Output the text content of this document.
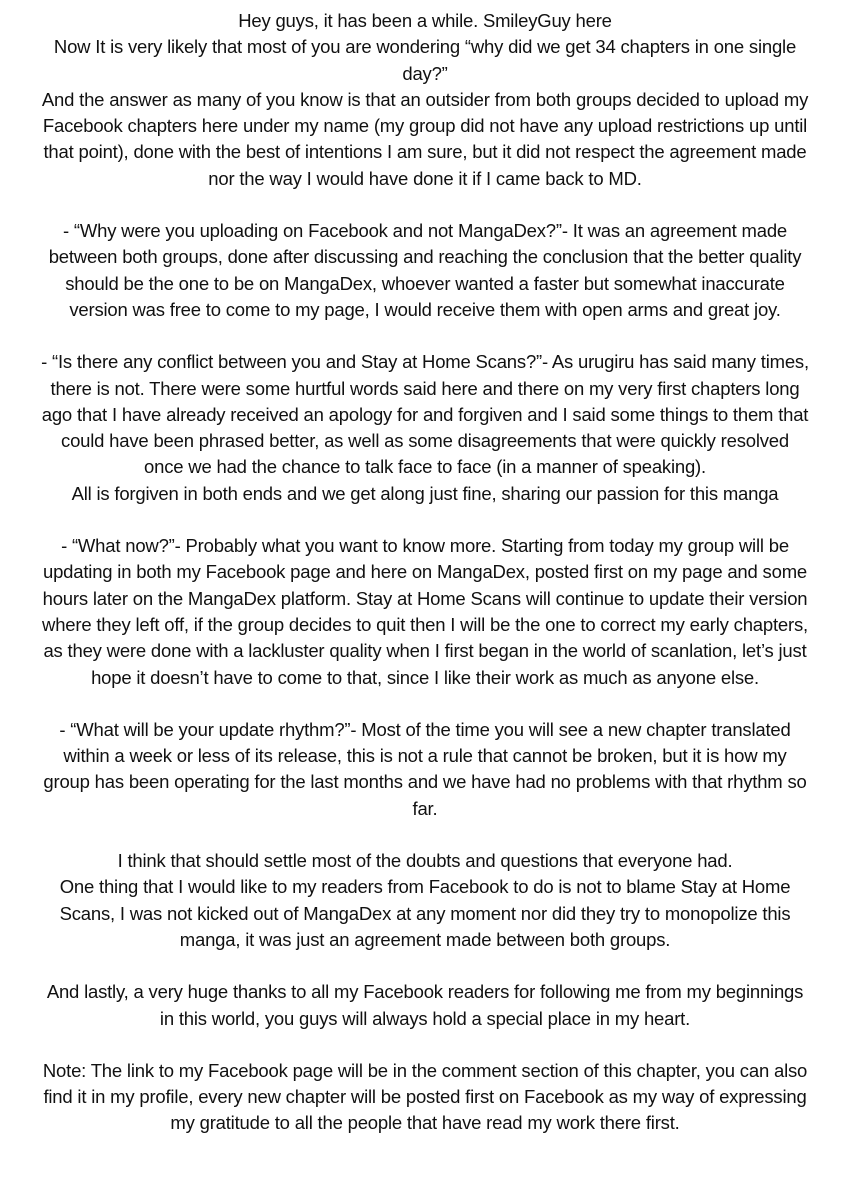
Hey guys, it has been a while. SmileyGuy here
Now It is very likely that most of you are wondering “why did we get 34 chapters in one single day?”
And the answer as many of you know is that an outsider from both groups decided to upload my Facebook chapters here under my name (my group did not have any upload restrictions up until that point), done with the best of intentions I am sure, but it did not respect the agreement made nor the way I would have done it if I came back to MD.

- “Why were you uploading on Facebook and not MangaDex?”- It was an agreement made between both groups, done after discussing and reaching the conclusion that the better quality should be the one to be on MangaDex, whoever wanted a faster but somewhat inaccurate version was free to come to my page, I would receive them with open arms and great joy.

- “Is there any conflict between you and Stay at Home Scans?”- As urugiru has said many times, there is not. There were some hurtful words said here and there on my very first chapters long ago that I have already received an apology for and forgiven and I said some things to them that could have been phrased better, as well as some disagreements that were quickly resolved once we had the chance to talk face to face (in a manner of speaking).
All is forgiven in both ends and we get along just fine, sharing our passion for this manga

- “What now?”- Probably what you want to know more. Starting from today my group will be updating in both my Facebook page and here on MangaDex, posted first on my page and some hours later on the MangaDex platform. Stay at Home Scans will continue to update their version where they left off, if the group decides to quit then I will be the one to correct my early chapters, as they were done with a lackluster quality when I first began in the world of scanlation, let’s just hope it doesn’t have to come to that, since I like their work as much as anyone else.

- “What will be your update rhythm?”- Most of the time you will see a new chapter translated within a week or less of its release, this is not a rule that cannot be broken, but it is how my group has been operating for the last months and we have had no problems with that rhythm so far.

I think that should settle most of the doubts and questions that everyone had.
One thing that I would like to my readers from Facebook to do is not to blame Stay at Home Scans, I was not kicked out of MangaDex at any moment nor did they try to monopolize this manga, it was just an agreement made between both groups.

And lastly, a very huge thanks to all my Facebook readers for following me from my beginnings in this world, you guys will always hold a special place in my heart.

Note: The link to my Facebook page will be in the comment section of this chapter, you can also find it in my profile, every new chapter will be posted first on Facebook as my way of expressing my gratitude to all the people that have read my work there first.
